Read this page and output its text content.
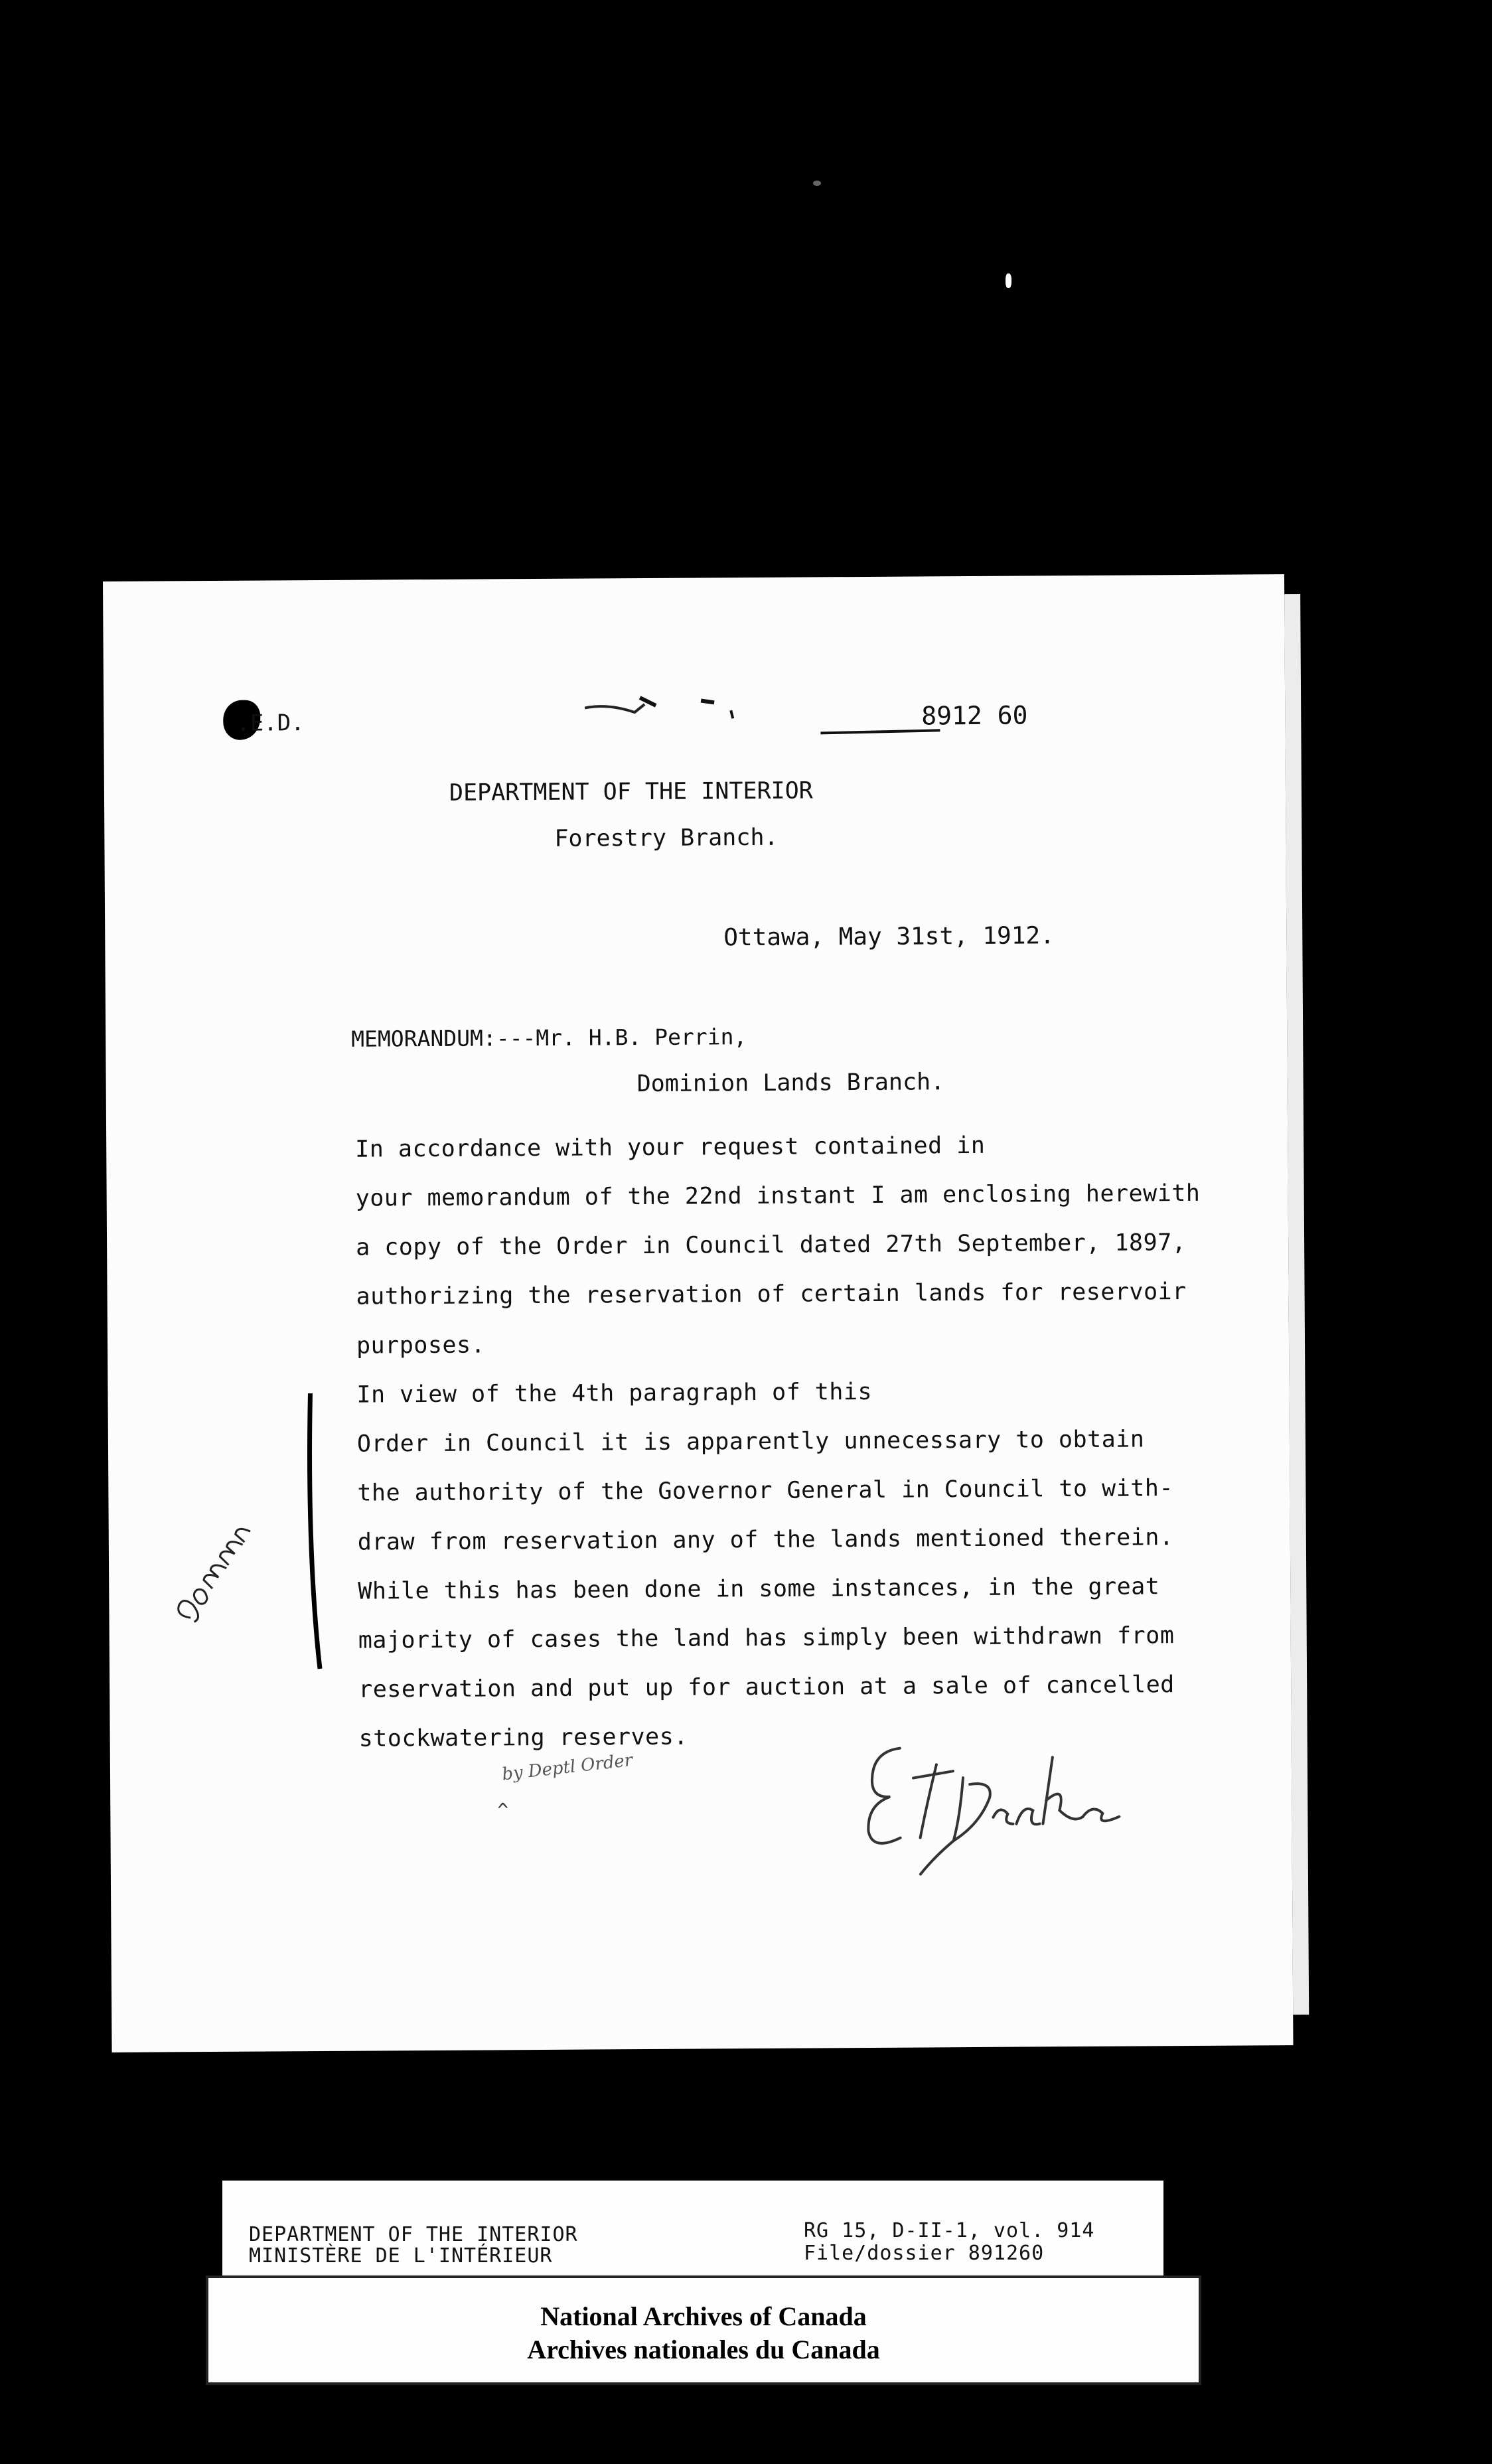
.E.D.	8912 60
DEPARTMENT OF THE INTERIOR
Forestry Branch.
Ottawa, May 31st, 1912.
MEMORANDUM:---Mr. H.B. Perrin,
Dominion Lands Branch.
In accordance with your request contained in
your memorandum of the 22nd instant I am enclosing herewith
a copy of the Order in Council dated 27th September, 1897,
authorizing the reservation of certain lands for reservoir
purposes.
In view of the 4th paragraph of this
Order in Council it is apparently unnecessary to obtain
the authority of the Governor General in Council to with-
draw from reservation any of the lands mentioned therein.
While this has been done in some instances, in the great
majority of cases the land has simply been withdrawn from
reservation and put up for auction at a sale of cancelled
stockwatering reserves.
by Deptl Order
^
DEPARTMENT OF THE INTERIOR
MINISTÈRE DE L'INTÉRIEUR
RG 15, D-II-1, vol. 914
File/dossier 891260
National Archives of Canada
Archives nationales du Canada
